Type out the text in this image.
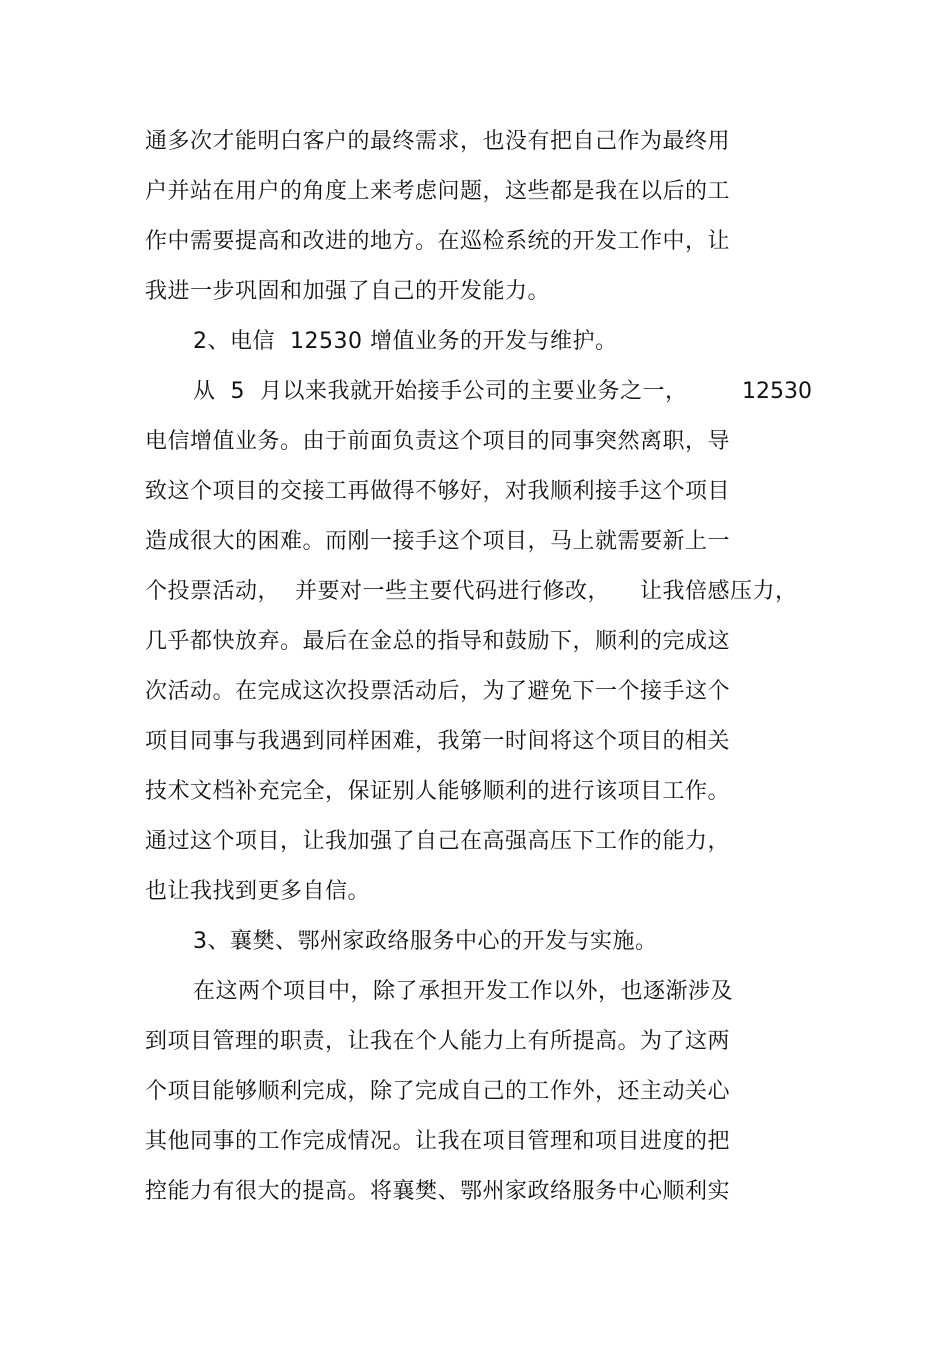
通多次才能明白客户的最终需求，也没有把自己作为最终用
户并站在用户的角度上来考虑问题，这些都是我在以后的工
作中需要提高和改进的地方。在巡检系统的开发工作中，让
我进一步巩固和加强了自己的开发能力。
2、电信  12530 增值业务的开发与维护。
从  5  月以来我就开始接手公司的主要业务之一， 12530
电信增值业务。由于前面负责这个项目的同事突然离职，导
致这个项目的交接工再做得不够好，对我顺利接手这个项目
造成很大的困难。而刚一接手这个项目，马上就需要新上一
个投票活动，  并要对一些主要代码进行修改，    让我倍感压力，
几乎都快放弃。最后在金总的指导和鼓励下，顺利的完成这
次活动。在完成这次投票活动后，为了避免下一个接手这个
项目同事与我遇到同样困难，我第一时间将这个项目的相关
技术文档补充完全，保证别人能够顺利的进行该项目工作。
通过这个项目，让我加强了自己在高强高压下工作的能力，
也让我找到更多自信。
3、襄樊、鄂州家政络服务中心的开发与实施。
在这两个项目中，除了承担开发工作以外，也逐渐涉及
到项目管理的职责，让我在个人能力上有所提高。为了这两
个项目能够顺利完成，除了完成自己的工作外，还主动关心
其他同事的工作完成情况。让我在项目管理和项目进度的把
控能力有很大的提高。将襄樊、鄂州家政络服务中心顺利实
